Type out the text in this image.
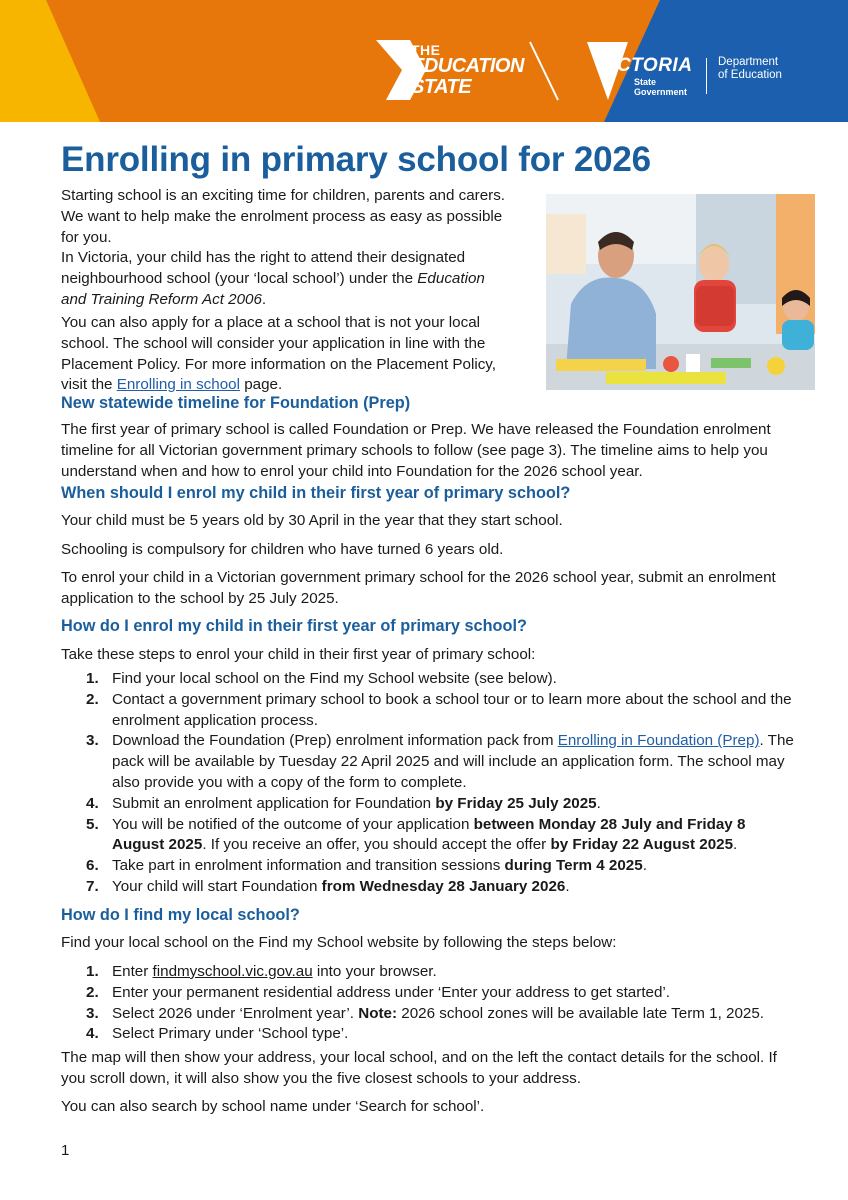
THE
EDUCATION
STATE
VICTORIA
State
Government
Department
of Education
Enrolling in primary school for 2026

Starting school is an exciting time for children, parents and carers. We want to help make the enrolment process as easy as possible for you.

In Victoria, your child has the right to attend their designated neighbourhood school (your ‘local school’) under the Education and Training Reform Act 2006.

You can also apply for a place at a school that is not your local school. The school will consider your application in line with the Placement Policy. For more information on the Placement Policy, visit the Enrolling in school page.

New statewide timeline for Foundation (Prep)

The first year of primary school is called Foundation or Prep. We have released the Foundation enrolment timeline for all Victorian government primary schools to follow (see page 3). The timeline aims to help you understand when and how to enrol your child into Foundation for the 2026 school year.

When should I enrol my child in their first year of primary school?

Your child must be 5 years old by 30 April in the year that they start school.

Schooling is compulsory for children who have turned 6 years old.

To enrol your child in a Victorian government primary school for the 2026 school year, submit an enrolment application to the school by 25 July 2025.

How do I enrol my child in their first year of primary school?

Take these steps to enrol your child in their first year of primary school:

1. Find your local school on the Find my School website (see below).
2. Contact a government primary school to book a school tour or to learn more about the school and the enrolment application process.
3. Download the Foundation (Prep) enrolment information pack from Enrolling in Foundation (Prep). The pack will be available by Tuesday 22 April 2025 and will include an application form. The school may also provide you with a copy of the form to complete.
4. Submit an enrolment application for Foundation by Friday 25 July 2025.
5. You will be notified of the outcome of your application between Monday 28 July and Friday 8 August 2025. If you receive an offer, you should accept the offer by Friday 22 August 2025.
6. Take part in enrolment information and transition sessions during Term 4 2025.
7. Your child will start Foundation from Wednesday 28 January 2026.
How do I find my local school?

Find your local school on the Find my School website by following the steps below:

1. Enter findmyschool.vic.gov.au into your browser.
2. Enter your permanent residential address under ‘Enter your address to get started’.
3. Select 2026 under ‘Enrolment year’. Note: 2026 school zones will be available late Term 1, 2025.
4. Select Primary under ‘School type’.

The map will then show your address, your local school, and on the left the contact details for the school. If you scroll down, it will also show you the five closest schools to your address.

You can also search by school name under ‘Search for school’.

1
